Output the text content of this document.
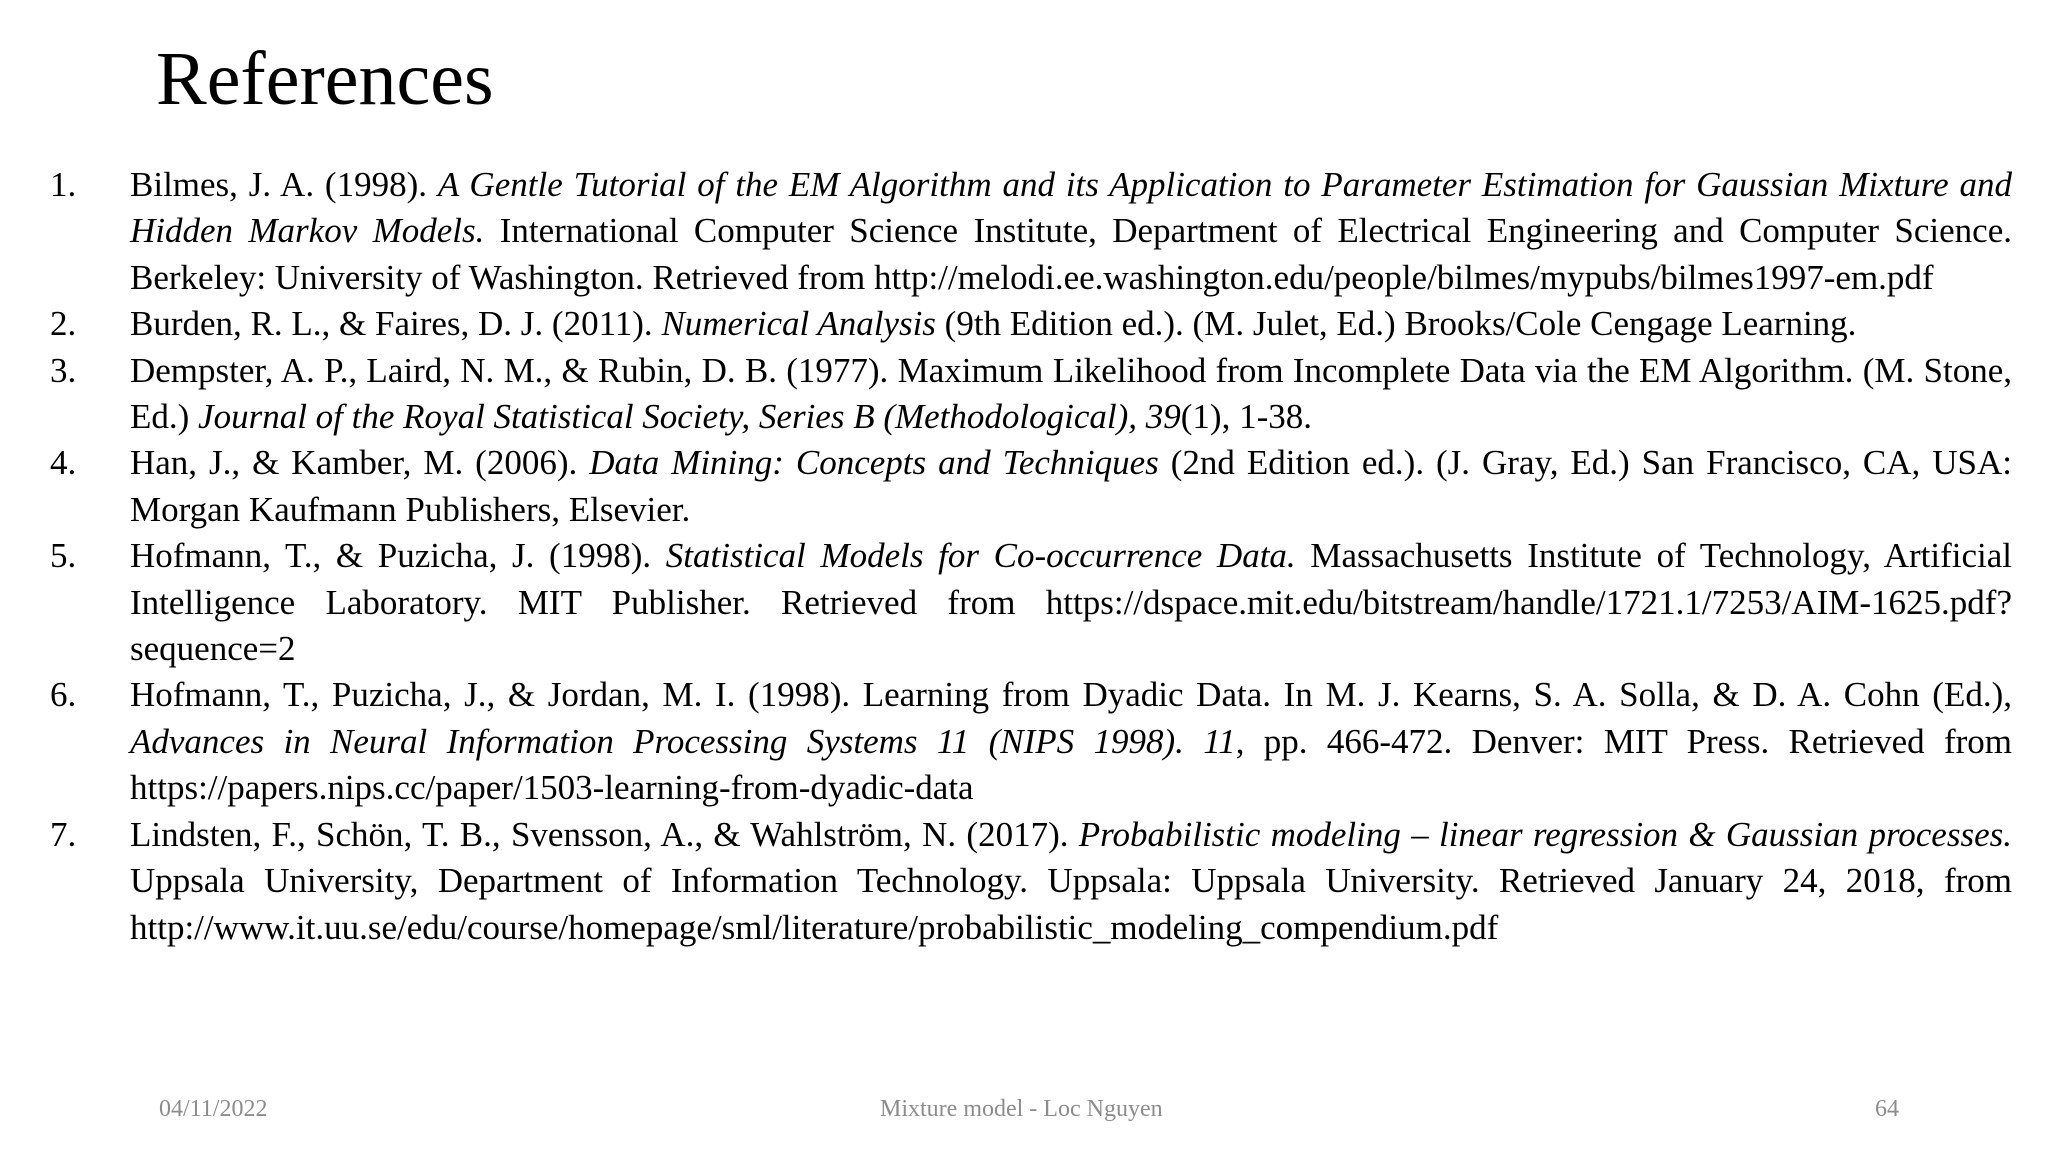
References
1.	Bilmes, J. A. (1998). A Gentle Tutorial of the EM Algorithm and its Application to Parameter Estimation for Gaussian Mixture and Hidden Markov Models. International Computer Science Institute, Department of Electrical Engineering and Computer Science. Berkeley: University of Washington. Retrieved from http://melodi.ee.washington.edu/people/bilmes/mypubs/bilmes1997-em.pdf
2.	Burden, R. L., & Faires, D. J. (2011). Numerical Analysis (9th Edition ed.). (M. Julet, Ed.) Brooks/Cole Cengage Learning.
3.	Dempster, A. P., Laird, N. M., & Rubin, D. B. (1977). Maximum Likelihood from Incomplete Data via the EM Algorithm. (M. Stone, Ed.) Journal of the Royal Statistical Society, Series B (Methodological), 39(1), 1-38.
4.	Han, J., & Kamber, M. (2006). Data Mining: Concepts and Techniques (2nd Edition ed.). (J. Gray, Ed.) San Francisco, CA, USA: Morgan Kaufmann Publishers, Elsevier.
5.	Hofmann, T., & Puzicha, J. (1998). Statistical Models for Co-occurrence Data. Massachusetts Institute of Technology, Artificial Intelligence Laboratory. MIT Publisher. Retrieved from https://dspace.mit.edu/bitstream/handle/1721.1/7253/AIM-1625.pdf?sequence=2
6.	Hofmann, T., Puzicha, J., & Jordan, M. I. (1998). Learning from Dyadic Data. In M. J. Kearns, S. A. Solla, & D. A. Cohn (Ed.), Advances in Neural Information Processing Systems 11 (NIPS 1998). 11, pp. 466-472. Denver: MIT Press. Retrieved from https://papers.nips.cc/paper/1503-learning-from-dyadic-data
7.	Lindsten, F., Schön, T. B., Svensson, A., & Wahlström, N. (2017). Probabilistic modeling – linear regression & Gaussian processes. Uppsala University, Department of Information Technology. Uppsala: Uppsala University. Retrieved January 24, 2018, from http://www.it.uu.se/edu/course/homepage/sml/literature/probabilistic_modeling_compendium.pdf
04/11/2022	Mixture model - Loc Nguyen	64
